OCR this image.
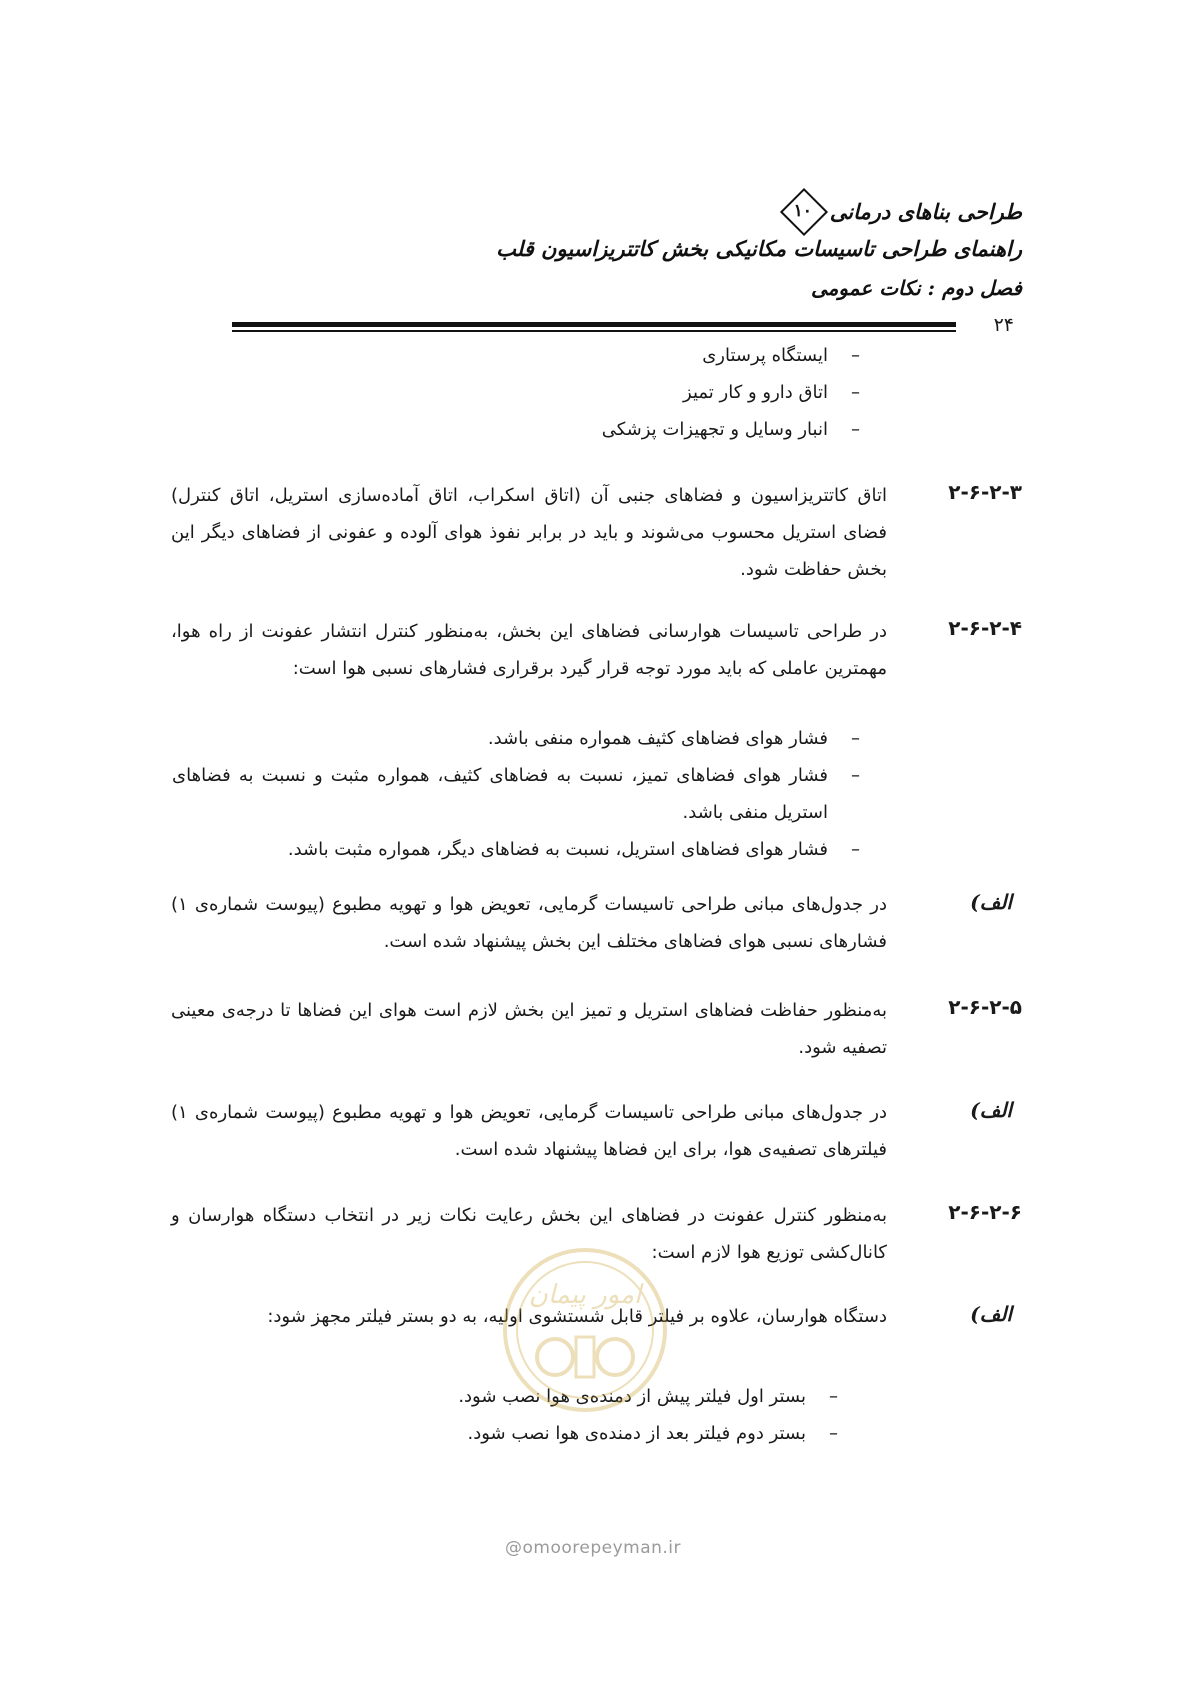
طراحی بناهای درمانی
۱۰
راهنمای طراحی تاسیسات مکانیکی بخش کاتتریزاسیون قلب
فصل دوم : نکات عمومی
۲۴
– ایستگاه پرستاری
– اتاق دارو و کار تمیز
– انبار وسایل و تجهیزات پزشکی
۲-۶-۲-۳
اتاق کاتتریزاسیون و فضاهای جنبی آن (اتاق اسکراب، اتاق آماده‌سازی استریل، اتاق کنترل) فضای استریل محسوب می‌شوند و باید در برابر نفوذ هوای آلوده و عفونی از فضاهای دیگر این بخش حفاظت شود.
۲-۶-۲-۴
در طراحی تاسیسات هوارسانی فضاهای این بخش، به‌منظور کنترل انتشار عفونت از راه هوا، مهمترین عاملی که باید مورد توجه قرار گیرد برقراری فشارهای نسبی هوا است:
– فشار هوای فضاهای کثیف همواره منفی باشد.
– فشار هوای فضاهای تمیز، نسبت به فضاهای کثیف، همواره مثبت و نسبت به فضاهای استریل منفی باشد.
– فشار هوای فضاهای استریل، نسبت به فضاهای دیگر، همواره مثبت باشد.
الف)
در جدول‌های مبانی طراحی تاسیسات گرمایی، تعویض هوا و تهویه مطبوع (پیوست شماره‌ی ۱) فشارهای نسبی هوای فضاهای مختلف این بخش پیشنهاد شده است.
۲-۶-۲-۵
به‌منظور حفاظت فضاهای استریل و تمیز این بخش لازم است هوای این فضاها تا درجه‌ی معینی تصفیه شود.
الف)
در جدول‌های مبانی طراحی تاسیسات گرمایی، تعویض هوا و تهویه مطبوع (پیوست شماره‌ی ۱) فیلترهای تصفیه‌ی هوا، برای این فضاها پیشنهاد شده است.
۲-۶-۲-۶
به‌منظور کنترل عفونت در فضاهای این بخش رعایت نکات زیر در انتخاب دستگاه هوارسان و کانال‌کشی توزیع هوا لازم است:
الف)
دستگاه هوارسان، علاوه بر فیلتر قابل شستشوی اولیه، به دو بستر فیلتر مجهز شود:
– بستر اول فیلتر پیش از دمنده‌ی هوا نصب شود.
– بستر دوم فیلتر بعد از دمنده‌ی هوا نصب شود.
امور پیمان
@omoorepeyman.ir
